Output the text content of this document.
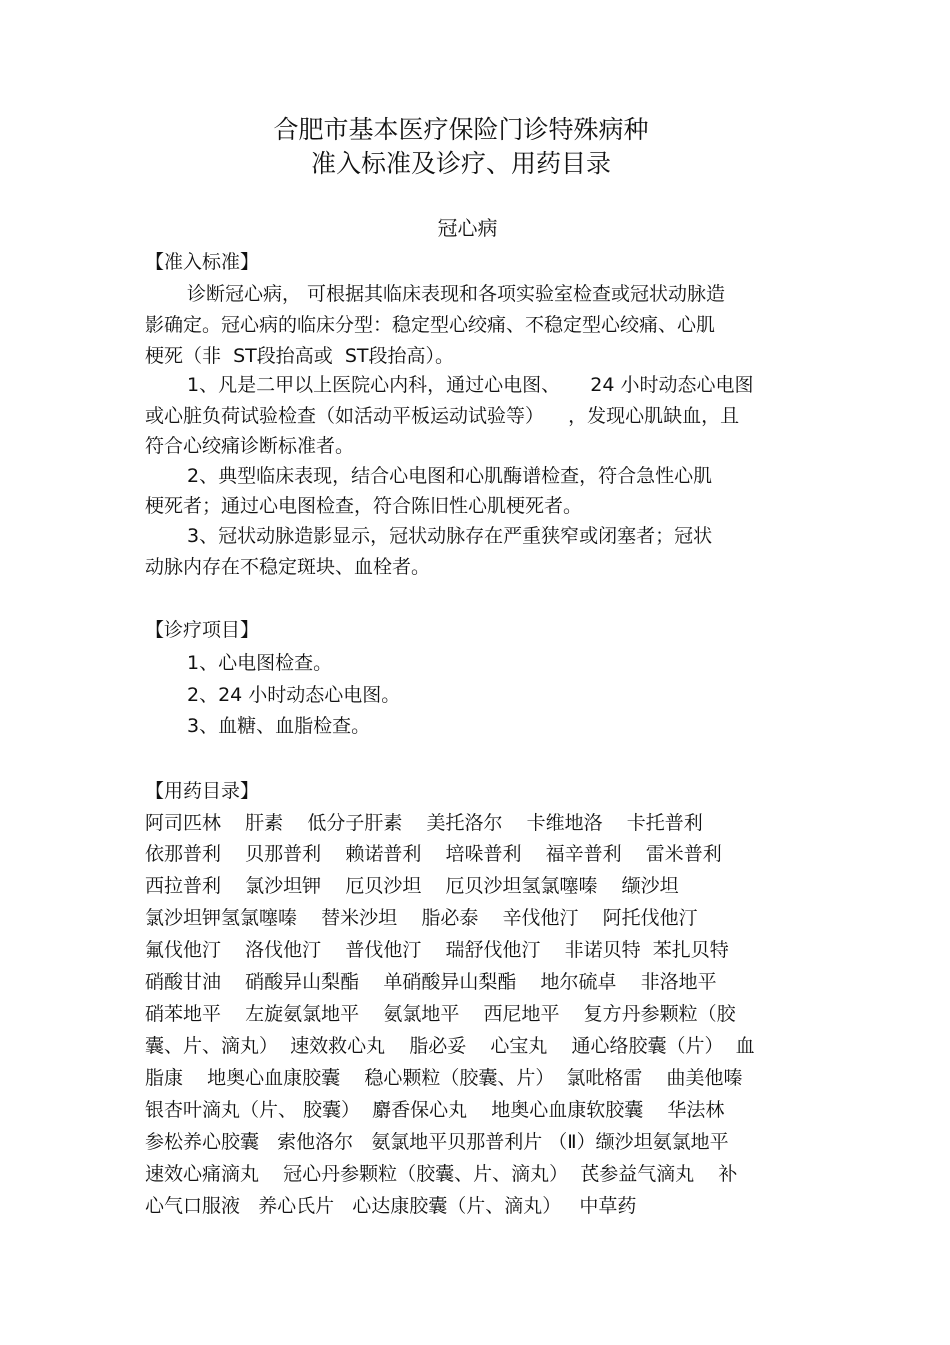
合肥市基本医疗保险门诊特殊病种
准入标准及诊疗、用药目录
冠心病
【准入标准】
诊断冠心病， 可根据其临床表现和各项实验室检查或冠状动脉造
影确定。冠心病的临床分型：稳定型心绞痛、不稳定型心绞痛、心肌
梗死（非  ST段抬高或  ST段抬高）。
1、凡是二甲以上医院心内科，通过心电图、     24 小时动态心电图
或心脏负荷试验检查（如活动平板运动试验等）    ，发现心肌缺血，且
符合心绞痛诊断标准者。
2、典型临床表现，结合心电图和心肌酶谱检查，符合急性心肌
梗死者；通过心电图检查，符合陈旧性心肌梗死者。
3、冠状动脉造影显示，冠状动脉存在严重狭窄或闭塞者；冠状
动脉内存在不稳定斑块、血栓者。
【诊疗项目】
1、心电图检查。
2、24 小时动态心电图。
3、血糖、血脂检查。
【用药目录】
阿司匹林    肝素    低分子肝素    美托洛尔    卡维地洛    卡托普利
依那普利    贝那普利    赖诺普利    培哚普利    福辛普利    雷米普利
西拉普利    氯沙坦钾    厄贝沙坦    厄贝沙坦氢氯噻嗪    缬沙坦
氯沙坦钾氢氯噻嗪    替米沙坦    脂必泰    辛伐他汀    阿托伐他汀
氟伐他汀    洛伐他汀    普伐他汀    瑞舒伐他汀    非诺贝特  苯扎贝特
硝酸甘油    硝酸异山梨酯    单硝酸异山梨酯    地尔硫卓    非洛地平
硝苯地平    左旋氨氯地平    氨氯地平    西尼地平    复方丹参颗粒（胶
囊、片、滴丸）  速效救心丸    脂必妥    心宝丸    通心络胶囊（片）  血
脂康    地奥心血康胶囊    稳心颗粒（胶囊、片）  氯吡格雷    曲美他嗪
银杏叶滴丸（片、 胶囊）  麝香保心丸    地奥心血康软胶囊    华法林
参松养心胶囊   索他洛尔   氨氯地平贝那普利片 （Ⅱ）缬沙坦氨氯地平
速效心痛滴丸    冠心丹参颗粒（胶囊、片、滴丸）  芪参益气滴丸    补
心气口服液   养心氏片   心达康胶囊（片、滴丸）   中草药
